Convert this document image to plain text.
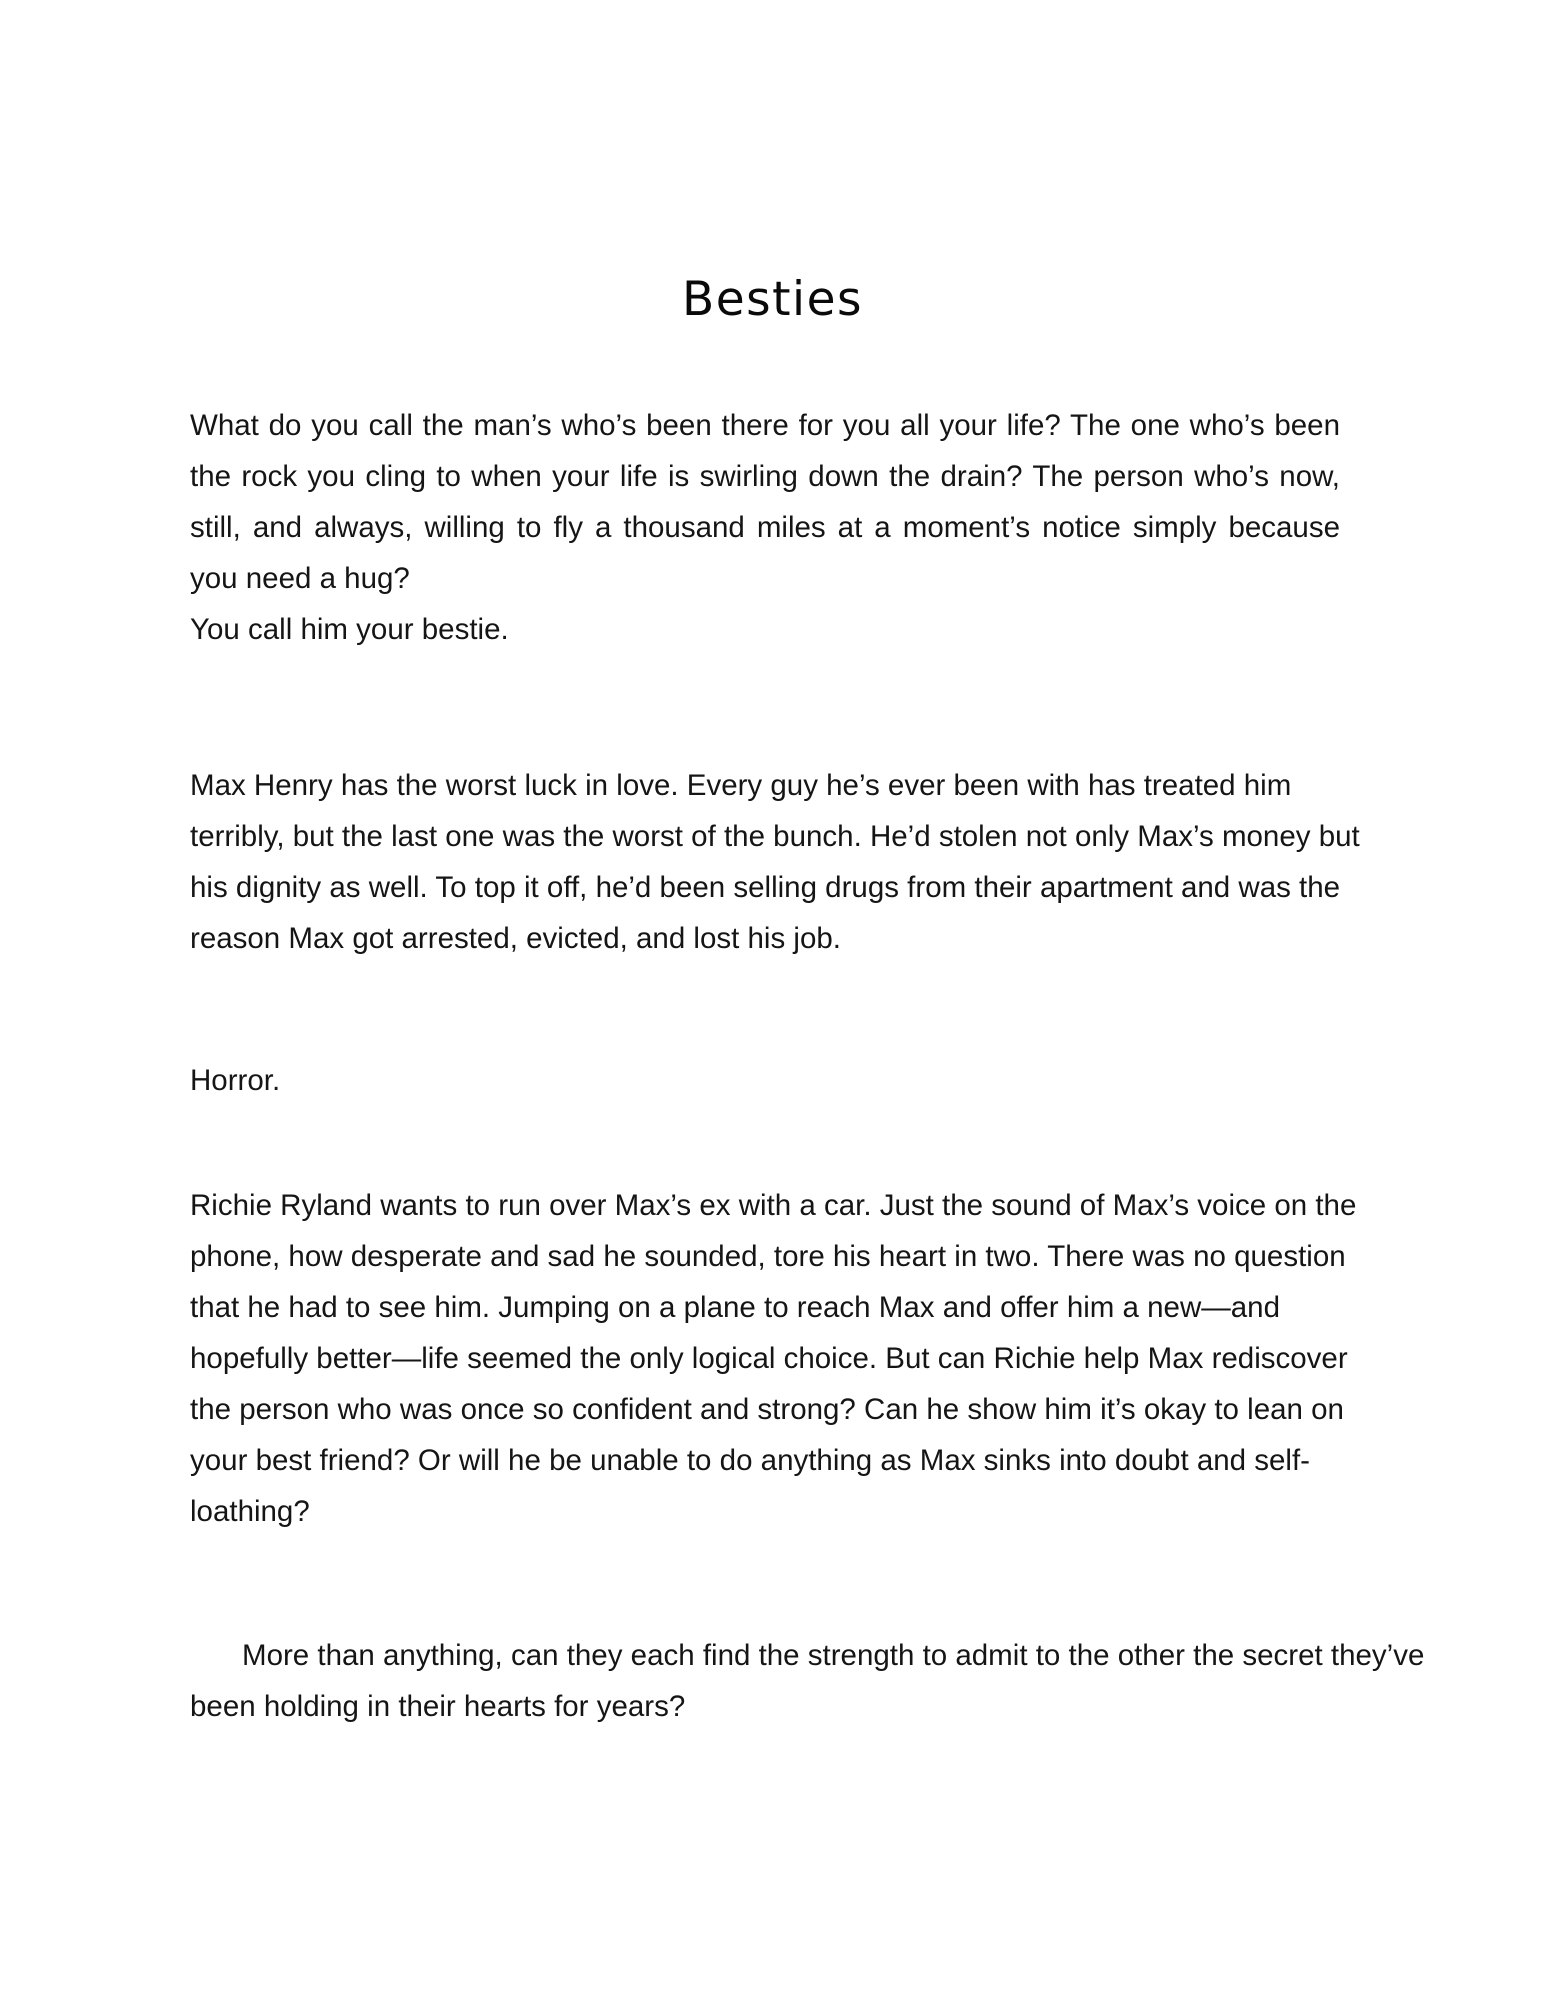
Besties
What do you call the man’s who’s been there for you all your life? The one who’s been the rock you cling to when your life is swirling down the drain? The person who’s now, still, and always, willing to fly a thousand miles at a moment’s notice simply because you need a hug?
You call him your bestie.
Max Henry has the worst luck in love. Every guy he’s ever been with has treated him terribly, but the last one was the worst of the bunch. He’d stolen not only Max’s money but his dignity as well. To top it off, he’d been selling drugs from their apartment and was the reason Max got arrested, evicted, and lost his job.
Horror.
Richie Ryland wants to run over Max’s ex with a car. Just the sound of Max’s voice on the phone, how desperate and sad he sounded, tore his heart in two. There was no question that he had to see him. Jumping on a plane to reach Max and offer him a new—and hopefully better—life seemed the only logical choice. But can Richie help Max rediscover the person who was once so confident and strong? Can he show him it’s okay to lean on your best friend? Or will he be unable to do anything as Max sinks into doubt and self-loathing?
More than anything, can they each find the strength to admit to the other the secret they’ve been holding in their hearts for years?
